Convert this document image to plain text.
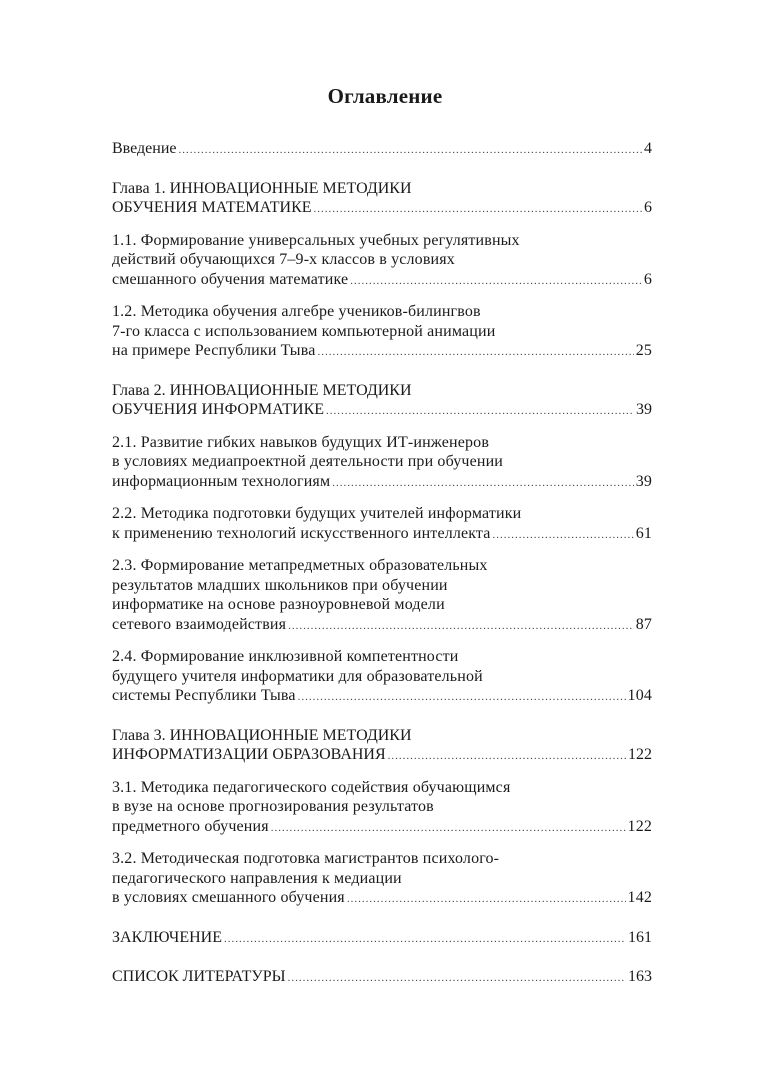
Оглавление
Введение .....	4
Глава 1. ИННОВАЦИОННЫЕ МЕТОДИКИ
ОБУЧЕНИЯ МАТЕМАТИКЕ .....	6
1.1. Формирование универсальных учебных регулятивных
действий обучающихся 7–9-х классов в условиях
смешанного обучения математике .....	6
1.2. Методика обучения алгебре учеников-билингвов
7-го класса с использованием компьютерной анимации
на примере Республики Тыва .....	25
Глава 2. ИННОВАЦИОННЫЕ МЕТОДИКИ
ОБУЧЕНИЯ ИНФОРМАТИКЕ .....	39
2.1. Развитие гибких навыков будущих ИТ-инженеров
в условиях медиапроектной деятельности при обучении
информационным технологиям .....	39
2.2. Методика подготовки будущих учителей информатики
к применению технологий искусственного интеллекта .....	61
2.3. Формирование метапредметных образовательных
результатов младших школьников при обучении
информатике на основе разноуровневой модели
сетевого взаимодействия .....	87
2.4. Формирование инклюзивной компетентности
будущего учителя информатики для образовательной
системы Республики Тыва .....	104
Глава 3. ИННОВАЦИОННЫЕ МЕТОДИКИ
ИНФОРМАТИЗАЦИИ ОБРАЗОВАНИЯ .....	122
3.1. Методика педагогического содействия обучающимся
в вузе на основе прогнозирования результатов
предметного обучения .....	122
3.2. Методическая подготовка магистрантов психолого-
педагогического направления к медиации
в условиях смешанного обучения .....	142
ЗАКЛЮЧЕНИЕ .....	161
СПИСОК ЛИТЕРАТУРЫ .....	163
